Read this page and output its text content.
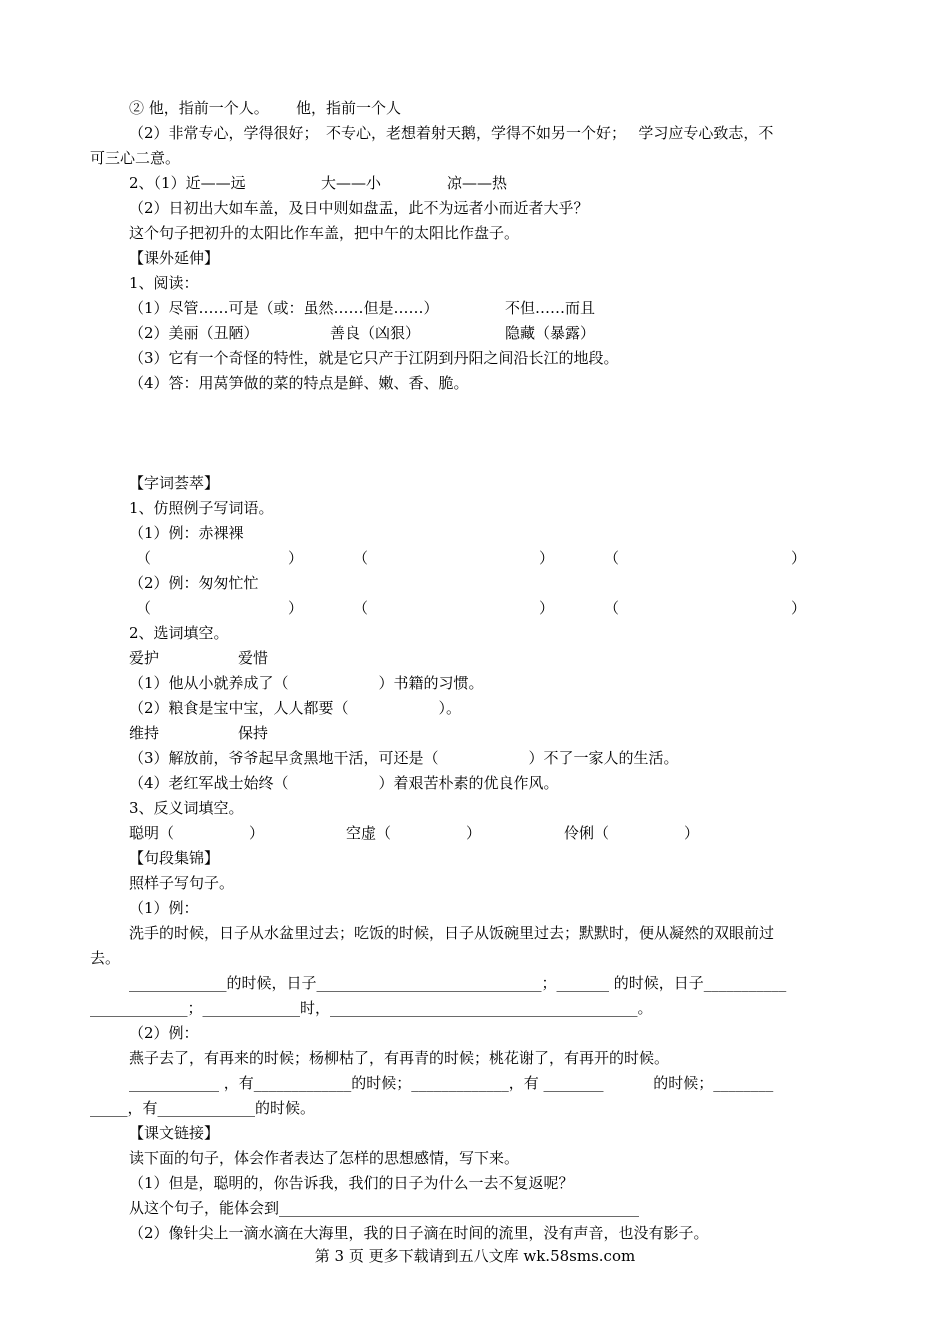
② 他，指前一个人。　　 他，指前一个人
（2）非常专心，学得很好；　不专心，老想着射天鹅，学得不如另一个好；　 学习应专心致志，不
可三心二意。
2、（1）近——远	大——小	凉——热
（2）日初出大如车盖，及日中则如盘盂，此不为远者小而近者大乎？
这个句子把初升的太阳比作车盖，把中午的太阳比作盘子。
【课外延伸】
1、阅读：
（1）尽管……可是（或：虽然……但是……）	不但……而且
（2）美丽（丑陋）	善良（凶狠）	隐藏（暴露）
（3）它有一个奇怪的特性，就是它只产于江阴到丹阳之间沿长江的地段。
（4）答：用莴笋做的菜的特点是鲜、嫩、香、脆。
【字词荟萃】
1、仿照例子写词语。
（1）例：赤裸裸
（	）	（	）	（	）
（2）例：匆匆忙忙
（	）	（	）	（	）
2、选词填空。
爱护	爱惜
（1）他从小就养成了（　　　　　　）书籍的习惯。
（2）粮食是宝中宝，人人都要（　　　　　　）。
维持	保持
（3）解放前，爷爷起早贪黑地干活，可还是（　　　　　　）不了一家人的生活。
（4）老红军战士始终（　　　　　　）着艰苦朴素的优良作风。
3、反义词填空。
聪明（　　　　　）	空虚（　　　　　）	伶俐（　　　　　）
【句段集锦】
照样子写句子。
（1）例：
洗手的时候，日子从水盆里过去；吃饭的时候，日子从饭碗里过去；默默时，便从凝然的双眼前过
去。
_____________的时候，日子______________________________；_______ 的时候，日子___________
_____________；_____________时，_________________________________________。
（2）例：
燕子去了，有再来的时候；杨柳枯了，有再青的时候；桃花谢了，有再开的时候。
____________ ，有_____________的时候；_____________，有 ________　　　 的时候；________
_____，有_____________的时候。
【课文链接】
读下面的句子，体会作者表达了怎样的思想感情，写下来。
（1）但是，聪明的，你告诉我，我们的日子为什么一去不复返呢？
从这个句子，能体会到________________________________________________
（2）像针尖上一滴水滴在大海里，我的日子滴在时间的流里，没有声音，也没有影子。
第 3 页 更多下载请到五八文库 wk.58sms.com
